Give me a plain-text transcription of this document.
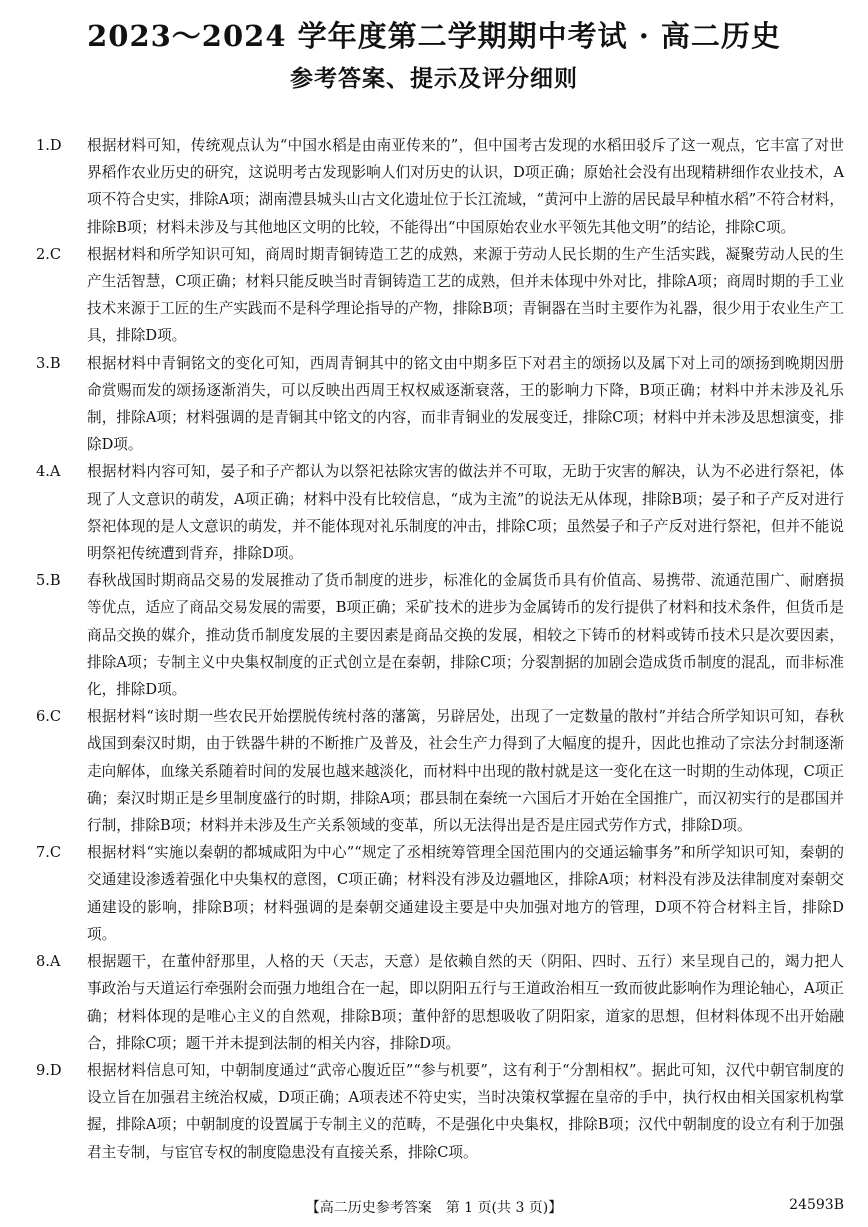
2023～2024 学年度第二学期期中考试 · 高二历史
参考答案、提示及评分细则

1.D	根据材料可知，传统观点认为“中国水稻是由南亚传来的”，但中国考古发现的水稻田驳斥了这一观点，它丰富了对世界稻作农业历史的研究，这说明考古发现影响人们对历史的认识，D项正确；原始社会没有出现精耕细作农业技术，A项不符合史实，排除A项；湖南澧县城头山古文化遗址位于长江流域，“黄河中上游的居民最早种植水稻”不符合材料，排除B项；材料未涉及与其他地区文明的比较，不能得出“中国原始农业水平领先其他文明”的结论，排除C项。

2.C	根据材料和所学知识可知，商周时期青铜铸造工艺的成熟，来源于劳动人民长期的生产生活实践，凝聚劳动人民的生产生活智慧，C项正确；材料只能反映当时青铜铸造工艺的成熟，但并未体现中外对比，排除A项；商周时期的手工业技术来源于工匠的生产实践而不是科学理论指导的产物，排除B项；青铜器在当时主要作为礼器，很少用于农业生产工具，排除D项。

3.B	根据材料中青铜铭文的变化可知，西周青铜其中的铭文由中期多臣下对君主的颂扬以及属下对上司的颂扬到晚期因册命赏赐而发的颂扬逐渐消失，可以反映出西周王权权威逐渐衰落，王的影响力下降，B项正确；材料中并未涉及礼乐制，排除A项；材料强调的是青铜其中铭文的内容，而非青铜业的发展变迁，排除C项；材料中并未涉及思想演变，排除D项。

4.A	根据材料内容可知，晏子和子产都认为以祭祀祛除灾害的做法并不可取，无助于灾害的解决，认为不必进行祭祀，体现了人文意识的萌发，A项正确；材料中没有比较信息，“成为主流”的说法无从体现，排除B项；晏子和子产反对进行祭祀体现的是人文意识的萌发，并不能体现对礼乐制度的冲击，排除C项；虽然晏子和子产反对进行祭祀，但并不能说明祭祀传统遭到背弃，排除D项。

5.B	春秋战国时期商品交易的发展推动了货币制度的进步，标准化的金属货币具有价值高、易携带、流通范围广、耐磨损等优点，适应了商品交易发展的需要，B项正确；采矿技术的进步为金属铸币的发行提供了材料和技术条件，但货币是商品交换的媒介，推动货币制度发展的主要因素是商品交换的发展，相较之下铸币的材料或铸币技术只是次要因素，排除A项；专制主义中央集权制度的正式创立是在秦朝，排除C项；分裂割据的加剧会造成货币制度的混乱，而非标准化，排除D项。

6.C	根据材料“该时期一些农民开始摆脱传统村落的藩篱，另辟居处，出现了一定数量的散村”并结合所学知识可知，春秋战国到秦汉时期，由于铁器牛耕的不断推广及普及，社会生产力得到了大幅度的提升，因此也推动了宗法分封制逐渐走向解体，血缘关系随着时间的发展也越来越淡化，而材料中出现的散村就是这一变化在这一时期的生动体现，C项正确；秦汉时期正是乡里制度盛行的时期，排除A项；郡县制在秦统一六国后才开始在全国推广，而汉初实行的是郡国并行制，排除B项；材料并未涉及生产关系领域的变革，所以无法得出是否是庄园式劳作方式，排除D项。

7.C	根据材料“实施以秦朝的都城咸阳为中心”“规定了丞相统筹管理全国范围内的交通运输事务”和所学知识可知，秦朝的交通建设渗透着强化中央集权的意图，C项正确；材料没有涉及边疆地区，排除A项；材料没有涉及法律制度对秦朝交通建设的影响，排除B项；材料强调的是秦朝交通建设主要是中央加强对地方的管理，D项不符合材料主旨，排除D项。

8.A	根据题干，在董仲舒那里，人格的天（天志，天意）是依赖自然的天（阴阳、四时、五行）来呈现自己的，竭力把人事政治与天道运行牵强附会而强力地组合在一起，即以阴阳五行与王道政治相互一致而彼此影响作为理论轴心，A项正确；材料体现的是唯心主义的自然观，排除B项；董仲舒的思想吸收了阴阳家，道家的思想，但材料体现不出开始融合，排除C项；题干并未提到法制的相关内容，排除D项。

9.D	根据材料信息可知，中朝制度通过“武帝心腹近臣”“参与机要”，这有利于“分割相权”。据此可知，汉代中朝官制度的设立旨在加强君主统治权威，D项正确；A项表述不符史实，当时决策权掌握在皇帝的手中，执行权由相关国家机构掌握，排除A项；中朝制度的设置属于专制主义的范畴，不是强化中央集权，排除B项；汉代中朝制度的设立有利于加强君主专制，与宦官专权的制度隐患没有直接关系，排除C项。

【高二历史参考答案　第 1 页(共 3 页)】	24593B
